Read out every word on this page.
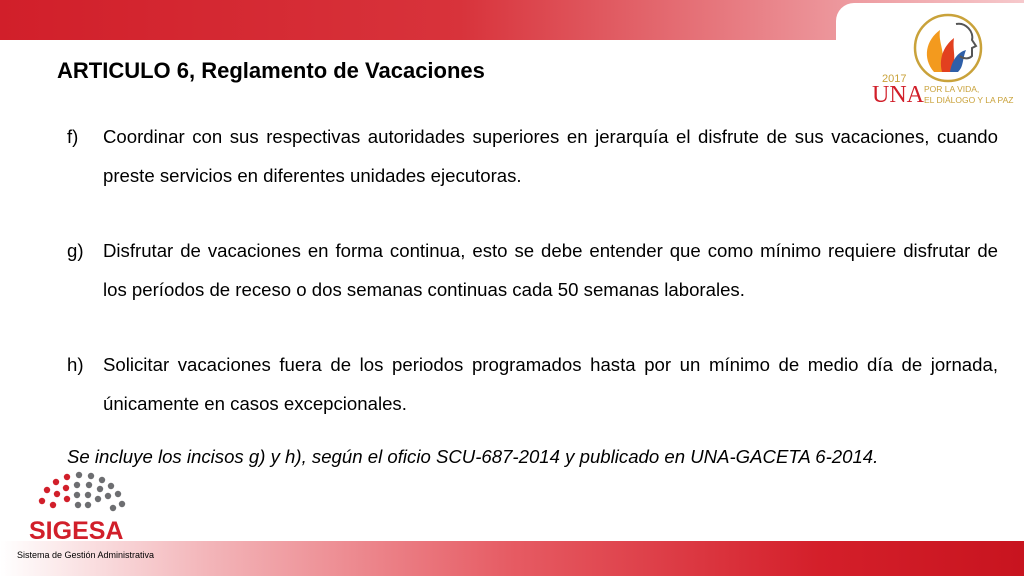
ARTICULO 6, Reglamento de Vacaciones
f)	Coordinar con sus respectivas autoridades superiores en jerarquía el disfrute de sus vacaciones, cuando preste servicios en diferentes unidades ejecutoras.
g)	Disfrutar de vacaciones en forma continua, esto se debe entender que como mínimo requiere disfrutar de los períodos de receso o dos semanas continuas cada 50 semanas laborales.
h)	Solicitar vacaciones fuera de los periodos programados hasta por un mínimo de medio día de jornada, únicamente en casos excepcionales.

Se incluye los incisos g) y h), según el oficio SCU-687-2014 y publicado en UNA-GACETA 6-2014.

2017
UNA POR LA VIDA,
EL DIÁLOGO Y LA PAZ
SIGESA
Sistema de Gestión Administrativa
